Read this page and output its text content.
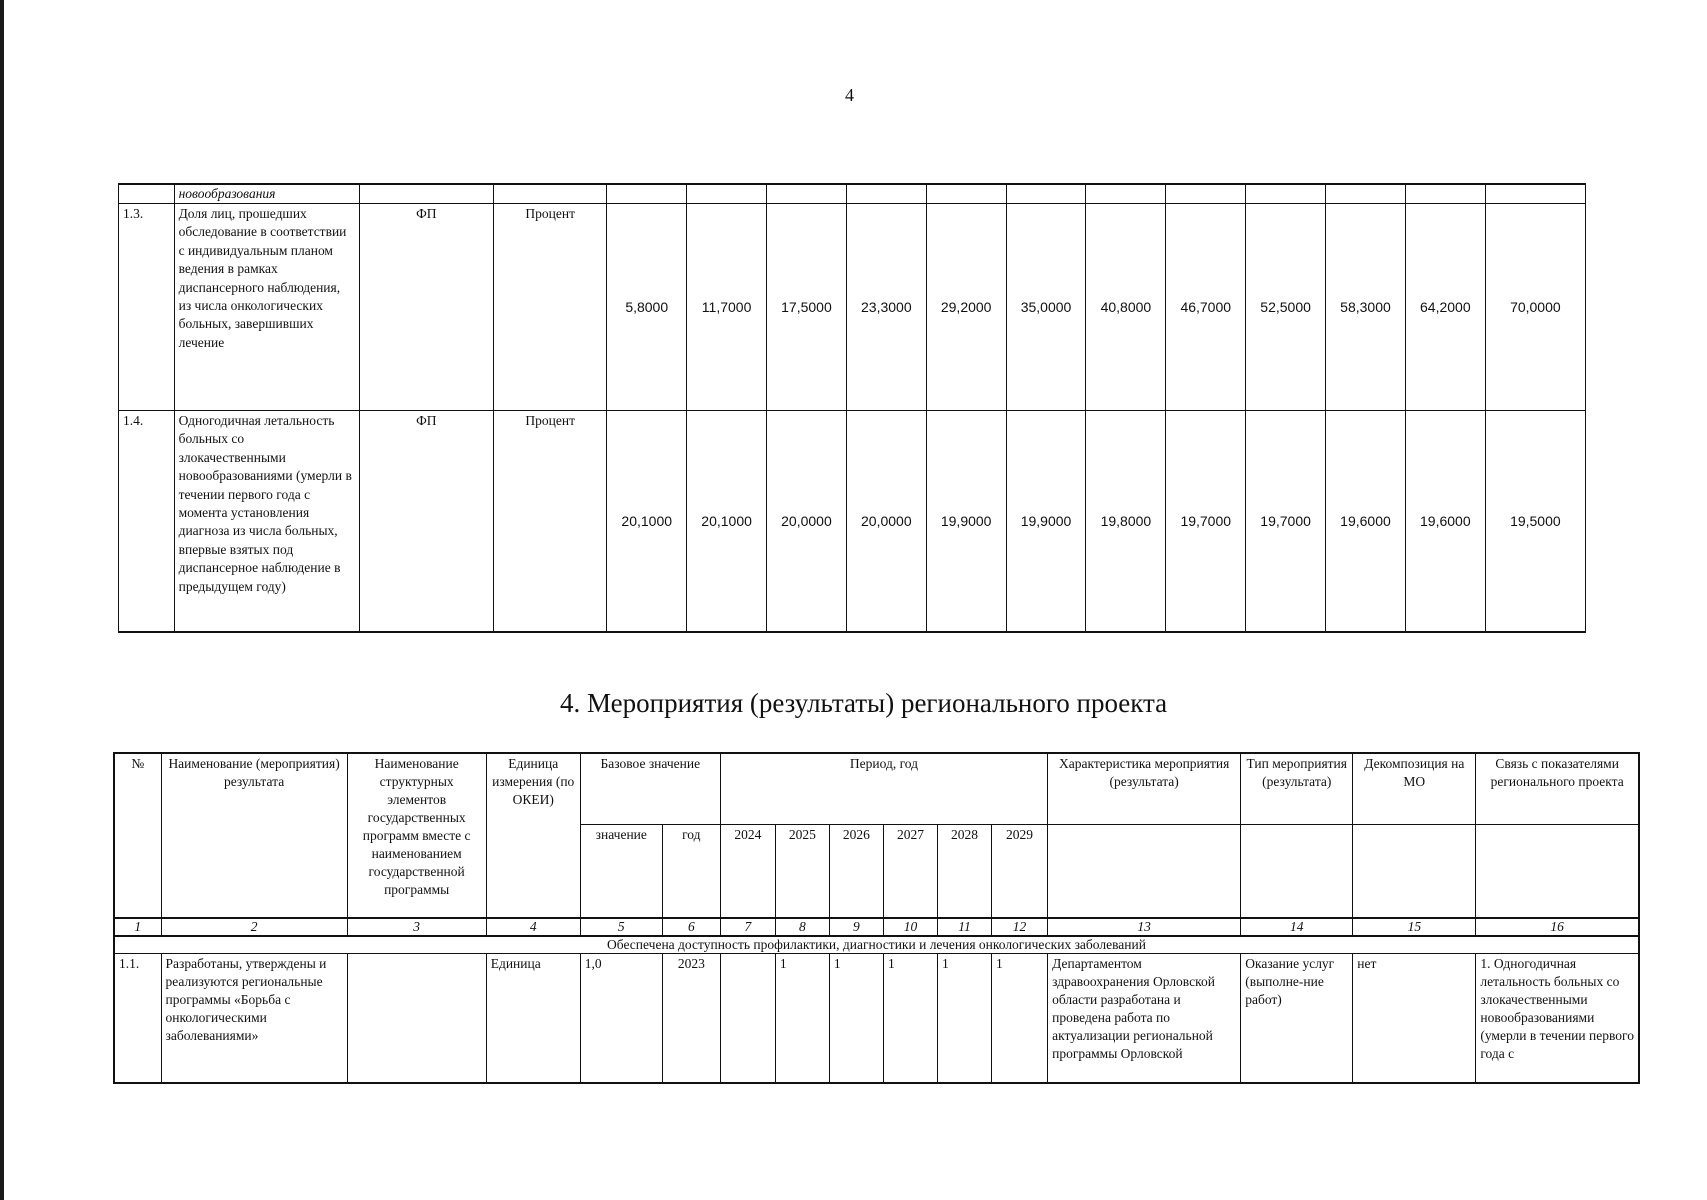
4
	новообразования														
1.3.	Доля лиц, прошедших обследование в соответствии с индивидуальным планом ведения в рамках диспансерного наблюдения, из числа онкологических больных, завершивших лечение	ФП	Процент	5,8000	11,7000	17,5000	23,3000	29,2000	35,0000	40,8000	46,7000	52,5000	58,3000	64,2000	70,0000
1.4.	Одногодичная летальность больных со злокачественными новообразованиями (умерли в течении первого года с момента установления диагноза из числа больных, впервые взятых под диспансерное наблюдение в предыдущем году)	ФП	Процент	20,1000	20,1000	20,0000	20,0000	19,9000	19,9000	19,8000	19,7000	19,7000	19,6000	19,6000	19,5000
4. Мероприятия (результаты) регионального проекта
№	Наименование (мероприятия) результата	Наименование структурных элементов государственных программ вместе с наименованием государственной программы	Единица измерения (по ОКЕИ)	Базовое значение		Период, год						Характеристика мероприятия (результата)	Тип мероприятия (результата)	Декомпозиция на МО	Связь с показателями регионального проекта
				значение	год	2024	2025	2026	2027	2028	2029				
1	2	3	4	5	6	7	8	9	10	11	12	13	14	15	16
Обеспечена доступность профилактики, диагностики и лечения онкологических заболеваний															
1.1.	Разработаны, утверждены и реализуются региональные программы «Борьба с онкологическими заболеваниями»		Единица	1,0	2023		1	1	1	1	1	Департаментом здравоохранения Орловской области разработана и проведена работа по актуализации региональной программы Орловской	Оказание услуг (выполне-ние работ)	нет	1. Одногодичная летальность больных со злокачественными новообразованиями (умерли в течении первого года с
